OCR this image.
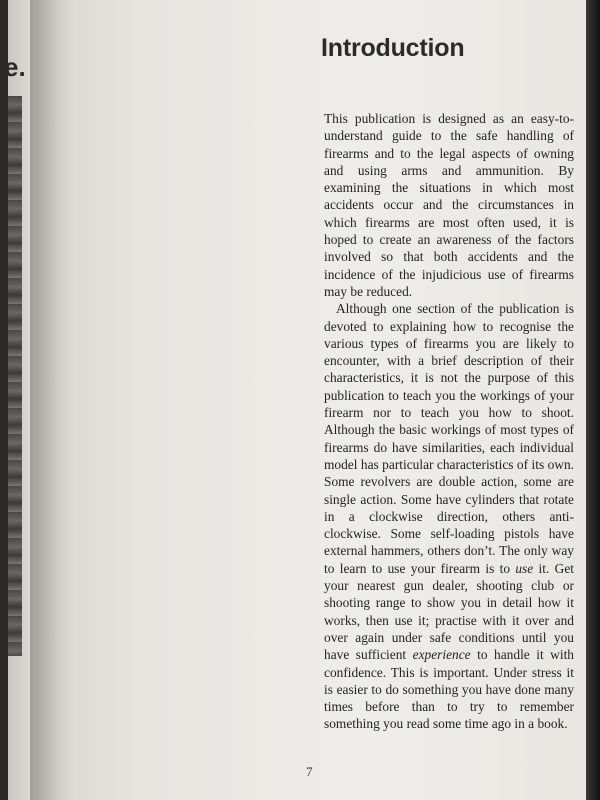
e.
Introduction

This publication is designed as an easy-to-understand guide to the safe handling of firearms and to the legal aspects of owning and using arms and ammunition. By examining the situations in which most accidents occur and the circumstances in which firearms are most often used, it is hoped to create an awareness of the factors involved so that both accidents and the incidence of the injudicious use of firearms may be reduced.

Although one section of the publication is devoted to explaining how to recognise the various types of firearms you are likely to encounter, with a brief description of their characteristics, it is not the purpose of this publication to teach you the workings of your firearm nor to teach you how to shoot. Although the basic workings of most types of firearms do have similarities, each individual model has particular characteristics of its own. Some revolvers are double action, some are single action. Some have cylinders that rotate in a clockwise direction, others anti-clockwise. Some self-loading pistols have external hammers, others don’t. The only way to learn to use your firearm is to use it. Get your nearest gun dealer, shooting club or shooting range to show you in detail how it works, then use it; practise with it over and over again under safe conditions until you have sufficient experience to handle it with confidence. This is important. Under stress it is easier to do something you have done many times before than to try to remember something you read some time ago in a book.

7
